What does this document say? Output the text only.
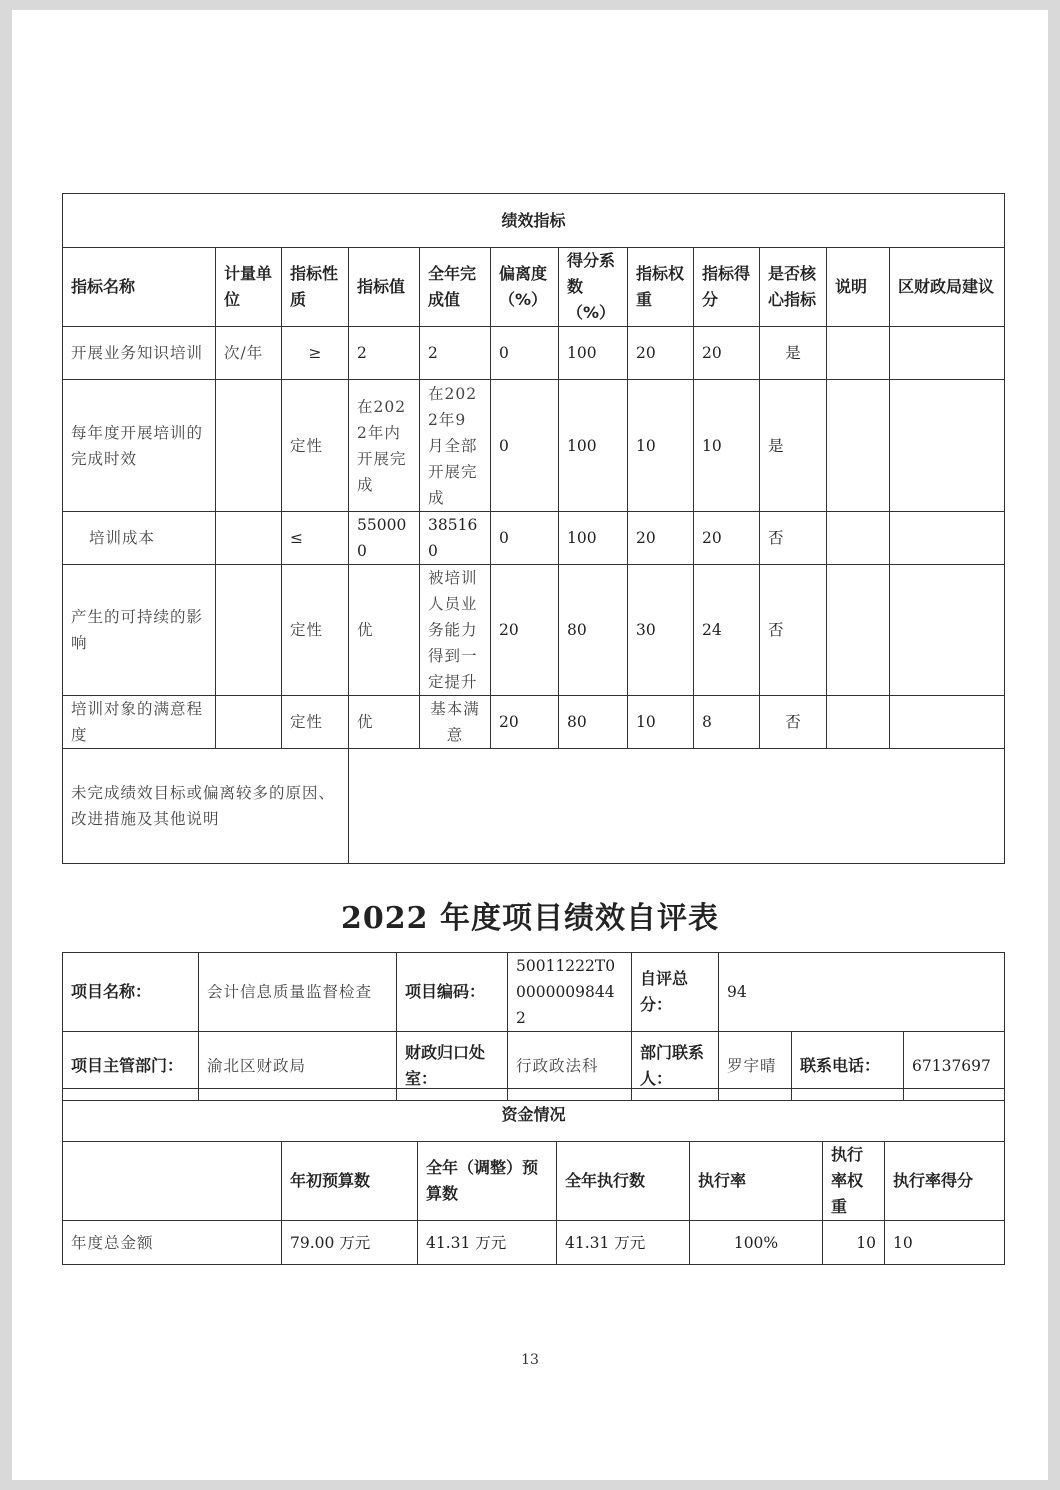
绩效指标											
指标名称	计量单位	指标性质	指标值	全年完成值	偏离度（%）	得分系数（%）	指标权重	指标得分	是否核心指标	说明	区财政局建议
开展业务知识培训	次/年	≥	2	2	0	100	20	20	是		
每年度开展培训的完成时效		定性	在2022年内开展完成	在2022年9月全部开展完成	0	100	10	10	是		
培训成本		≤	550000	385160	0	100	20	20	否		
产生的可持续的影响		定性	优	被培训人员业务能力得到一定提升	20	80	30	24	否		
培训对象的满意程度		定性	优	基本满意	20	80	10	8	否		
未完成绩效目标或偏离较多的原因、改进措施及其他说明											
2022 年度项目绩效自评表
项目名称：	会计信息质量监督检查	项目编码：	50011222T000000098442	自评总分：	94		
项目主管部门：	渝北区财政局	财政归口处室：	行政政法科	部门联系人：	罗宇晴	联系电话：	67137697
资金情况						
	年初预算数	全年（调整）预算数	全年执行数	执行率	执行率权重	执行率得分
年度总金额	79.00 万元	41.31 万元	41.31 万元	100%	10	10
13
